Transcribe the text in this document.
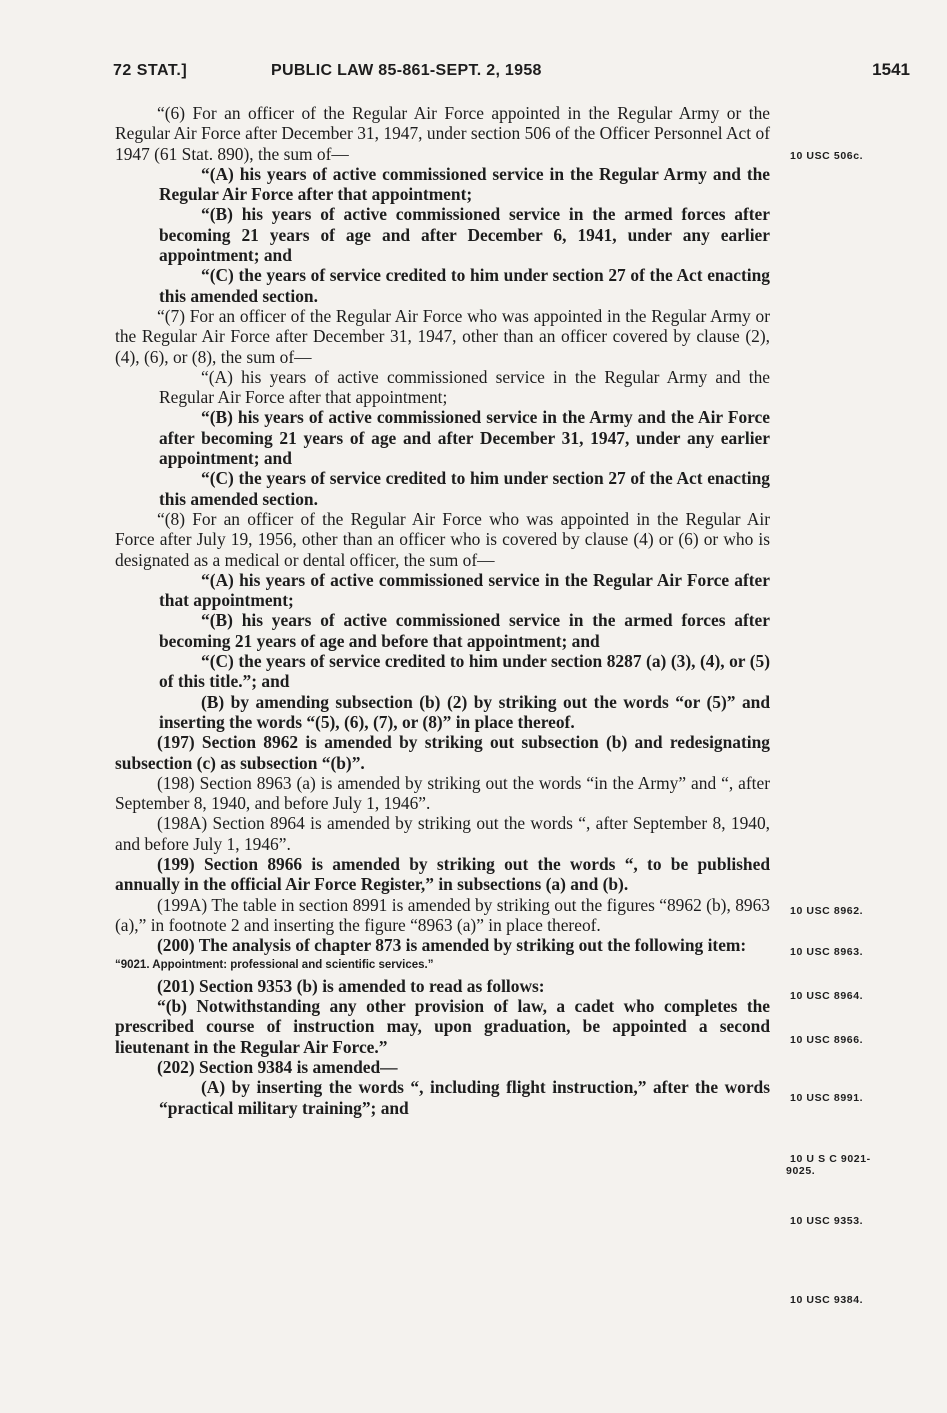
72 STAT.]	PUBLIC LAW 85-861-SEPT. 2, 1958	1541

“(6) For an officer of the Regular Air Force appointed in the Regular Army or the Regular Air Force after December 31, 1947, under section 506 of the Officer Personnel Act of 1947 (61 Stat. 890), the sum of—

“(A) his years of active commissioned service in the Regular Army and the Regular Air Force after that appointment;

“(B) his years of active commissioned service in the armed forces after becoming 21 years of age and after December 6, 1941, under any earlier appointment; and

“(C) the years of service credited to him under section 27 of the Act enacting this amended section.

“(7) For an officer of the Regular Air Force who was appointed in the Regular Army or the Regular Air Force after December 31, 1947, other than an officer covered by clause (2), (4), (6), or (8), the sum of—

“(A) his years of active commissioned service in the Regular Army and the Regular Air Force after that appointment;

“(B) his years of active commissioned service in the Army and the Air Force after becoming 21 years of age and after December 31, 1947, under any earlier appointment; and

“(C) the years of service credited to him under section 27 of the Act enacting this amended section.

“(8) For an officer of the Regular Air Force who was appointed in the Regular Air Force after July 19, 1956, other than an officer who is covered by clause (4) or (6) or who is designated as a medical or dental officer, the sum of—

“(A) his years of active commissioned service in the Regular Air Force after that appointment;

“(B) his years of active commissioned service in the armed forces after becoming 21 years of age and before that appointment; and

“(C) the years of service credited to him under section 8287 (a) (3), (4), or (5) of this title.”; and

(B) by amending subsection (b) (2) by striking out the words “or (5)” and inserting the words “(5), (6), (7), or (8)” in place thereof.

(197) Section 8962 is amended by striking out subsection (b) and redesignating subsection (c) as subsection “(b)”.

(198) Section 8963 (a) is amended by striking out the words “in the Army” and “, after September 8, 1940, and before July 1, 1946”.

(198A) Section 8964 is amended by striking out the words “, after September 8, 1940, and before July 1, 1946”.

(199) Section 8966 is amended by striking out the words “, to be published annually in the official Air Force Register,” in subsections (a) and (b).

(199A) The table in section 8991 is amended by striking out the figures “8962 (b), 8963 (a),” in footnote 2 and inserting the figure “8963 (a)” in place thereof.

(200) The analysis of chapter 873 is amended by striking out the following item:

“9021. Appointment: professional and scientific services.”

(201) Section 9353 (b) is amended to read as follows:

“(b) Notwithstanding any other provision of law, a cadet who completes the prescribed course of instruction may, upon graduation, be appointed a second lieutenant in the Regular Air Force.”

(202) Section 9384 is amended—

(A) by inserting the words “, including flight instruction,” after the words “practical military training”; and

10 USC 506c.
10 USC 8962.
10 USC 8963.
10 USC 8964.
10 USC 8966.
10 USC 8991.
10 U S C 9021-
9025.
10 USC 9353.
10 USC 9384.
